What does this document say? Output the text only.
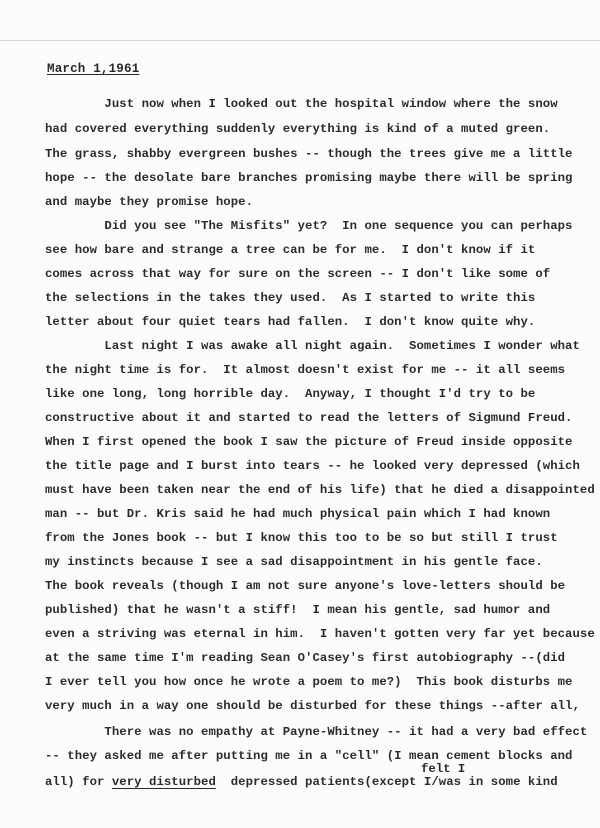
March 1,1961
Just now when I looked out the hospital window where the snow
had covered everything suddenly everything is kind of a muted green.
The grass, shabby evergreen bushes -- though the trees give me a little
hope -- the desolate bare branches promising maybe there will be spring
and maybe they promise hope.
Did you see "The Misfits" yet?  In one sequence you can perhaps
see how bare and strange a tree can be for me.  I don't know if it
comes across that way for sure on the screen -- I don't like some of
the selections in the takes they used.  As I started to write this
letter about four quiet tears had fallen.  I don't know quite why.
Last night I was awake all night again.  Sometimes I wonder what
the night time is for.  It almost doesn't exist for me -- it all seems
like one long, long horrible day.  Anyway, I thought I'd try to be
constructive about it and started to read the letters of Sigmund Freud.
When I first opened the book I saw the picture of Freud inside opposite
the title page and I burst into tears -- he looked very depressed (which
must have been taken near the end of his life) that he died a disappointed
man -- but Dr. Kris said he had much physical pain which I had known
from the Jones book -- but I know this too to be so but still I trust
my instincts because I see a sad disappointment in his gentle face.
The book reveals (though I am not sure anyone's love-letters should be
published) that he wasn't a stiff!  I mean his gentle, sad humor and
even a striving was eternal in him.  I haven't gotten very far yet because
at the same time I'm reading Sean O'Casey's first autobiography --(did
I ever tell you how once he wrote a poem to me?)  This book disturbs me
very much in a way one should be disturbed for these things --after all,
There was no empathy at Payne-Whitney -- it had a very bad effect
-- they asked me after putting me in a "cell" (I mean cement blocks and
felt I
all) for very disturbed  depressed patients(except I/was in some kind
